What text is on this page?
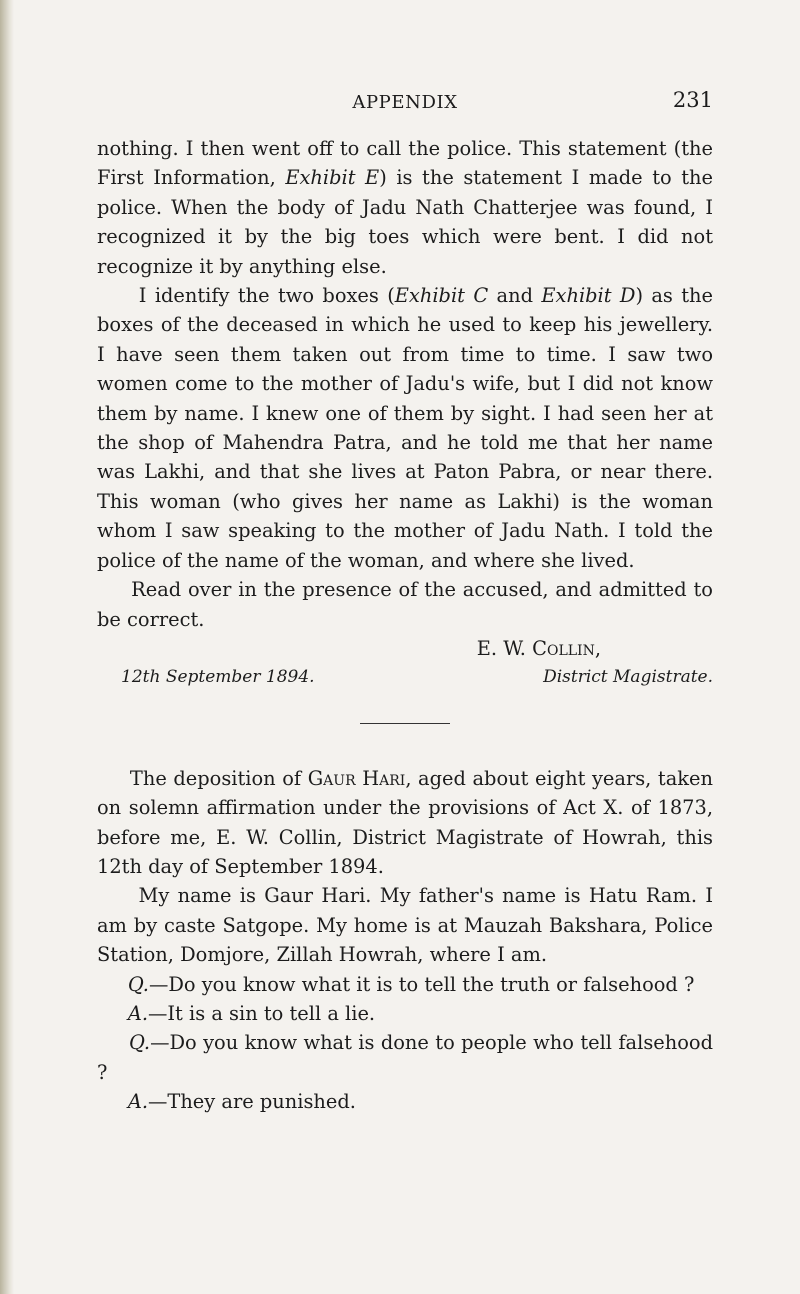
APPENDIX	231

nothing. I then went off to call the police. This statement (the First Information, Exhibit E) is the statement I made to the police. When the body of Jadu Nath Chatterjee was found, I recognized it by the big toes which were bent. I did not recognize it by anything else.

I identify the two boxes (Exhibit C and Exhibit D) as the boxes of the deceased in which he used to keep his jewellery. I have seen them taken out from time to time. I saw two women come to the mother of Jadu's wife, but I did not know them by name. I knew one of them by sight. I had seen her at the shop of Mahendra Patra, and he told me that her name was Lakhi, and that she lives at Paton Pabra, or near there. This woman (who gives her name as Lakhi) is the woman whom I saw speaking to the mother of Jadu Nath. I told the police of the name of the woman, and where she lived.

Read over in the presence of the accused, and admitted to be correct.

E. W. Collin,

12th September 1894.	District Magistrate.

The deposition of Gaur Hari, aged about eight years, taken on solemn affirmation under the provisions of Act X. of 1873, before me, E. W. Collin, District Magistrate of Howrah, this 12th day of September 1894.

My name is Gaur Hari. My father's name is Hatu Ram. I am by caste Satgope. My home is at Mauzah Bakshara, Police Station, Domjore, Zillah Howrah, where I am.

Q.—Do you know what it is to tell the truth or falsehood ?

A.—It is a sin to tell a lie.

Q.—Do you know what is done to people who tell falsehood ?

A.—They are punished.
